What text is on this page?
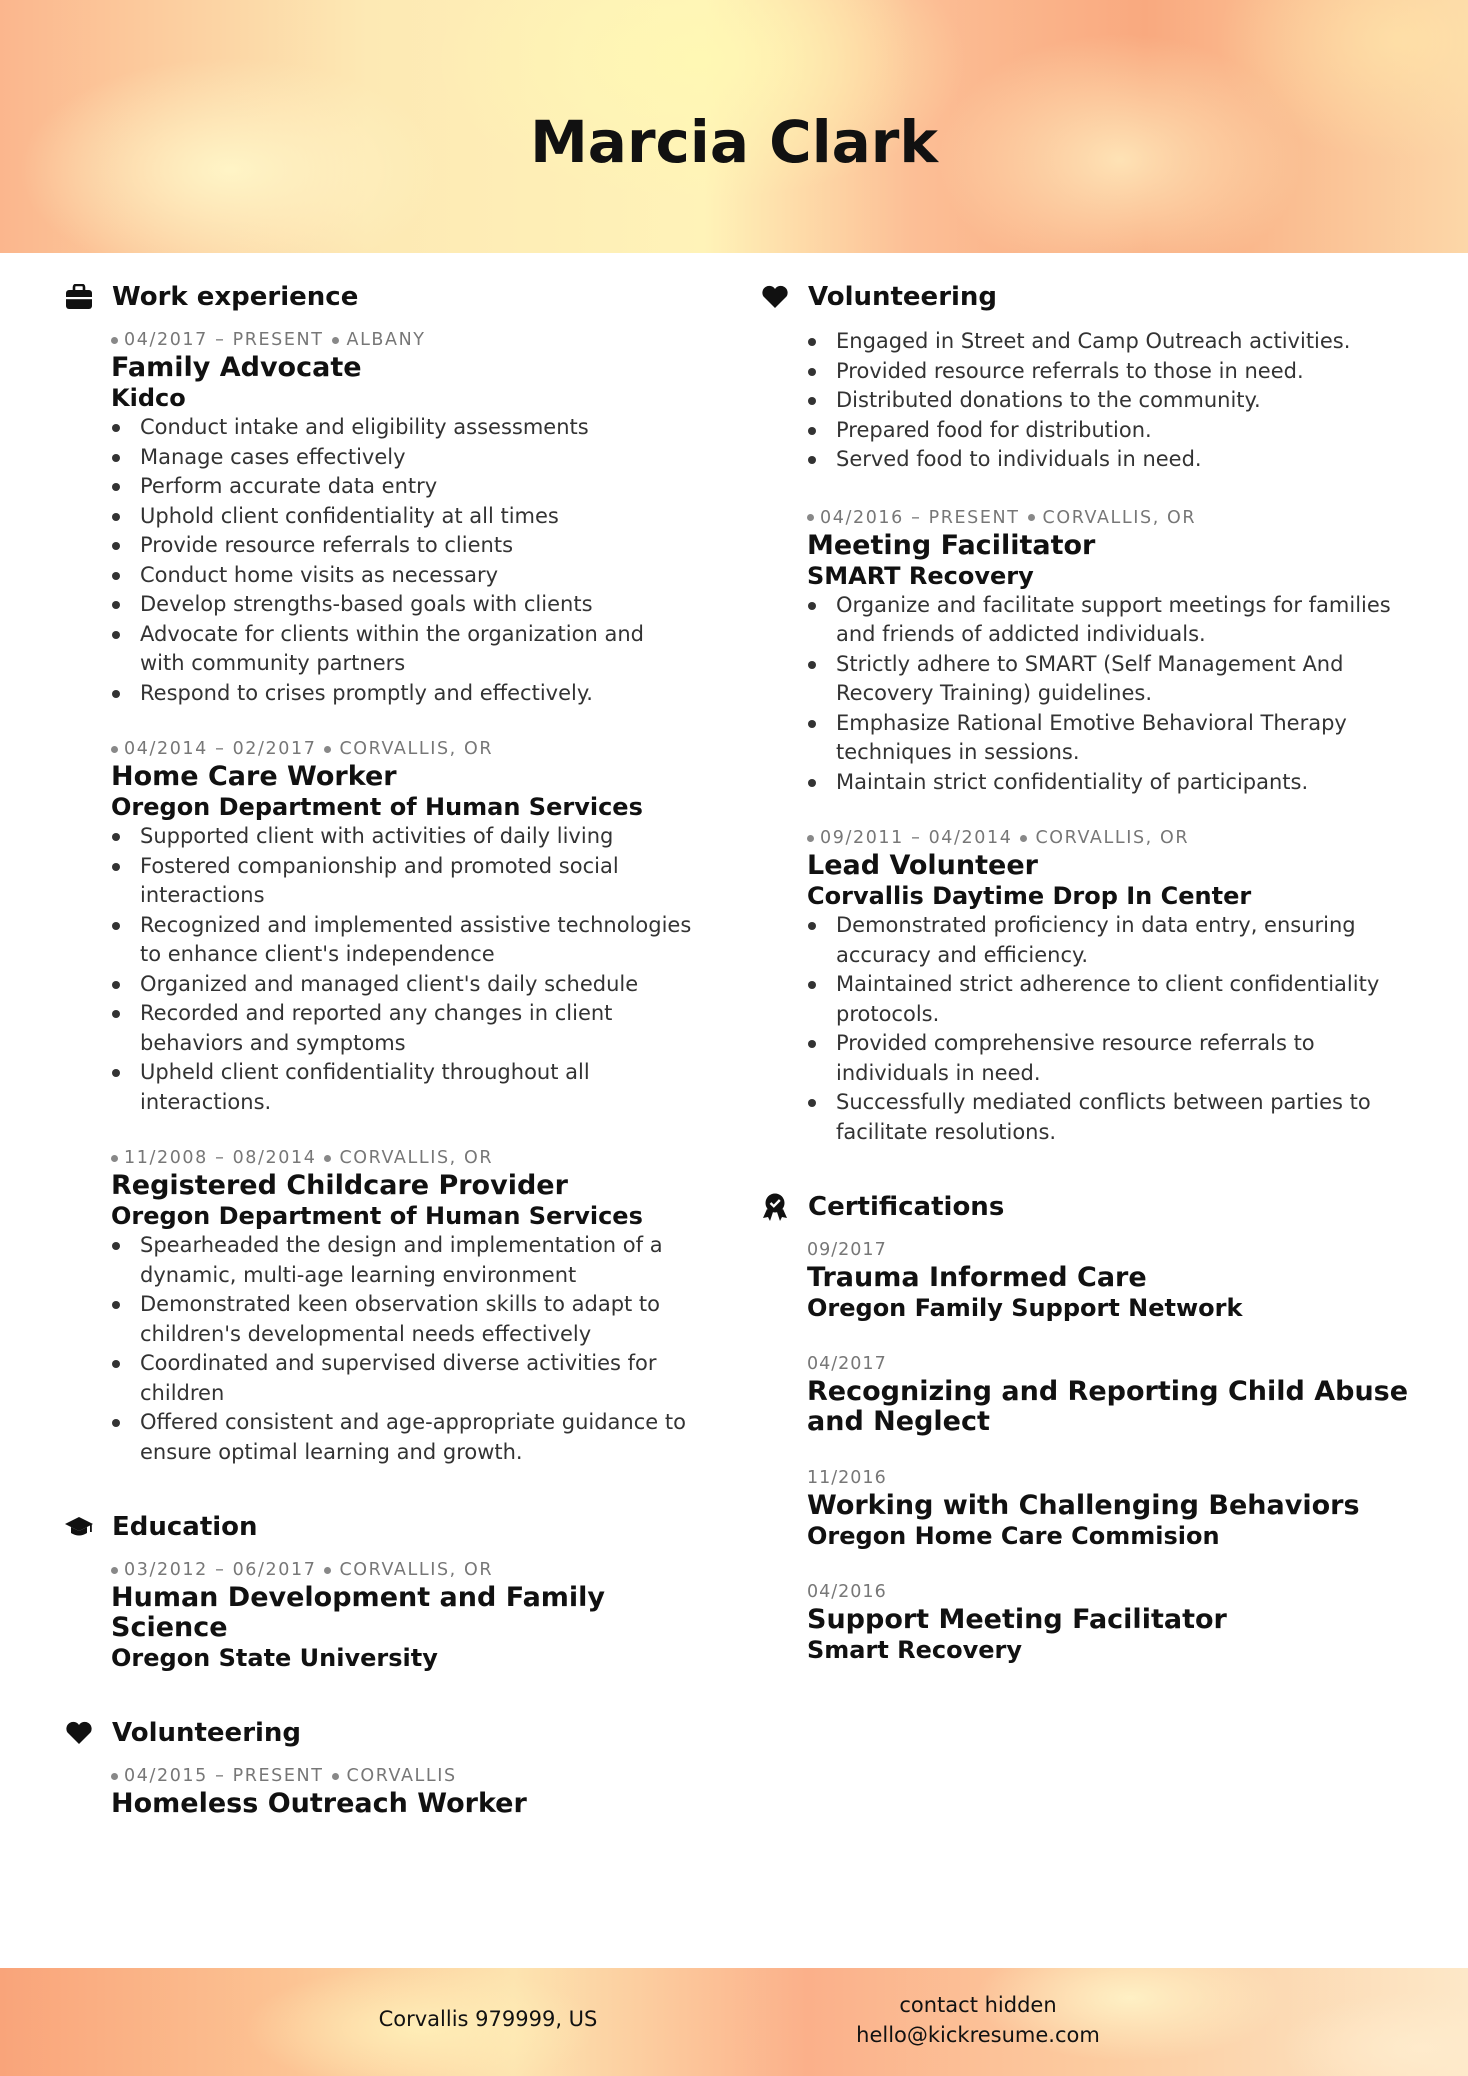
Marcia Clark
Work experience
04/2017 – PRESENT ALBANY
Family Advocate
Kidco
Conduct intake and eligibility assessments
Manage cases effectively
Perform accurate data entry
Uphold client confidentiality at all times
Provide resource referrals to clients
Conduct home visits as necessary
Develop strengths-based goals with clients
Advocate for clients within the organization and with community partners
Respond to crises promptly and effectively.
04/2014 – 02/2017 CORVALLIS, OR
Home Care Worker
Oregon Department of Human Services
Supported client with activities of daily living
Fostered companionship and promoted social interactions
Recognized and implemented assistive technologies to enhance client's independence
Organized and managed client's daily schedule
Recorded and reported any changes in client behaviors and symptoms
Upheld client confidentiality throughout all interactions.
11/2008 – 08/2014 CORVALLIS, OR
Registered Childcare Provider
Oregon Department of Human Services
Spearheaded the design and implementation of a dynamic, multi-age learning environment
Demonstrated keen observation skills to adapt to children's developmental needs effectively
Coordinated and supervised diverse activities for children
Offered consistent and age-appropriate guidance to ensure optimal learning and growth.
Education
03/2012 – 06/2017 CORVALLIS, OR
Human Development and Family Science
Oregon State University
Volunteering
04/2015 – PRESENT CORVALLIS
Homeless Outreach Worker
Volunteering
Engaged in Street and Camp Outreach activities.
Provided resource referrals to those in need.
Distributed donations to the community.
Prepared food for distribution.
Served food to individuals in need.
04/2016 – PRESENT CORVALLIS, OR
Meeting Facilitator
SMART Recovery
Organize and facilitate support meetings for families and friends of addicted individuals.
Strictly adhere to SMART (Self Management And Recovery Training) guidelines.
Emphasize Rational Emotive Behavioral Therapy techniques in sessions.
Maintain strict confidentiality of participants.
09/2011 – 04/2014 CORVALLIS, OR
Lead Volunteer
Corvallis Daytime Drop In Center
Demonstrated proficiency in data entry, ensuring accuracy and efficiency.
Maintained strict adherence to client confidentiality protocols.
Provided comprehensive resource referrals to individuals in need.
Successfully mediated conflicts between parties to facilitate resolutions.
Certifications
09/2017
Trauma Informed Care
Oregon Family Support Network
04/2017
Recognizing and Reporting Child Abuse and Neglect
11/2016
Working with Challenging Behaviors
Oregon Home Care Commision
04/2016
Support Meeting Facilitator
Smart Recovery
Corvallis 979999, US
contact hidden
hello@kickresume.com
